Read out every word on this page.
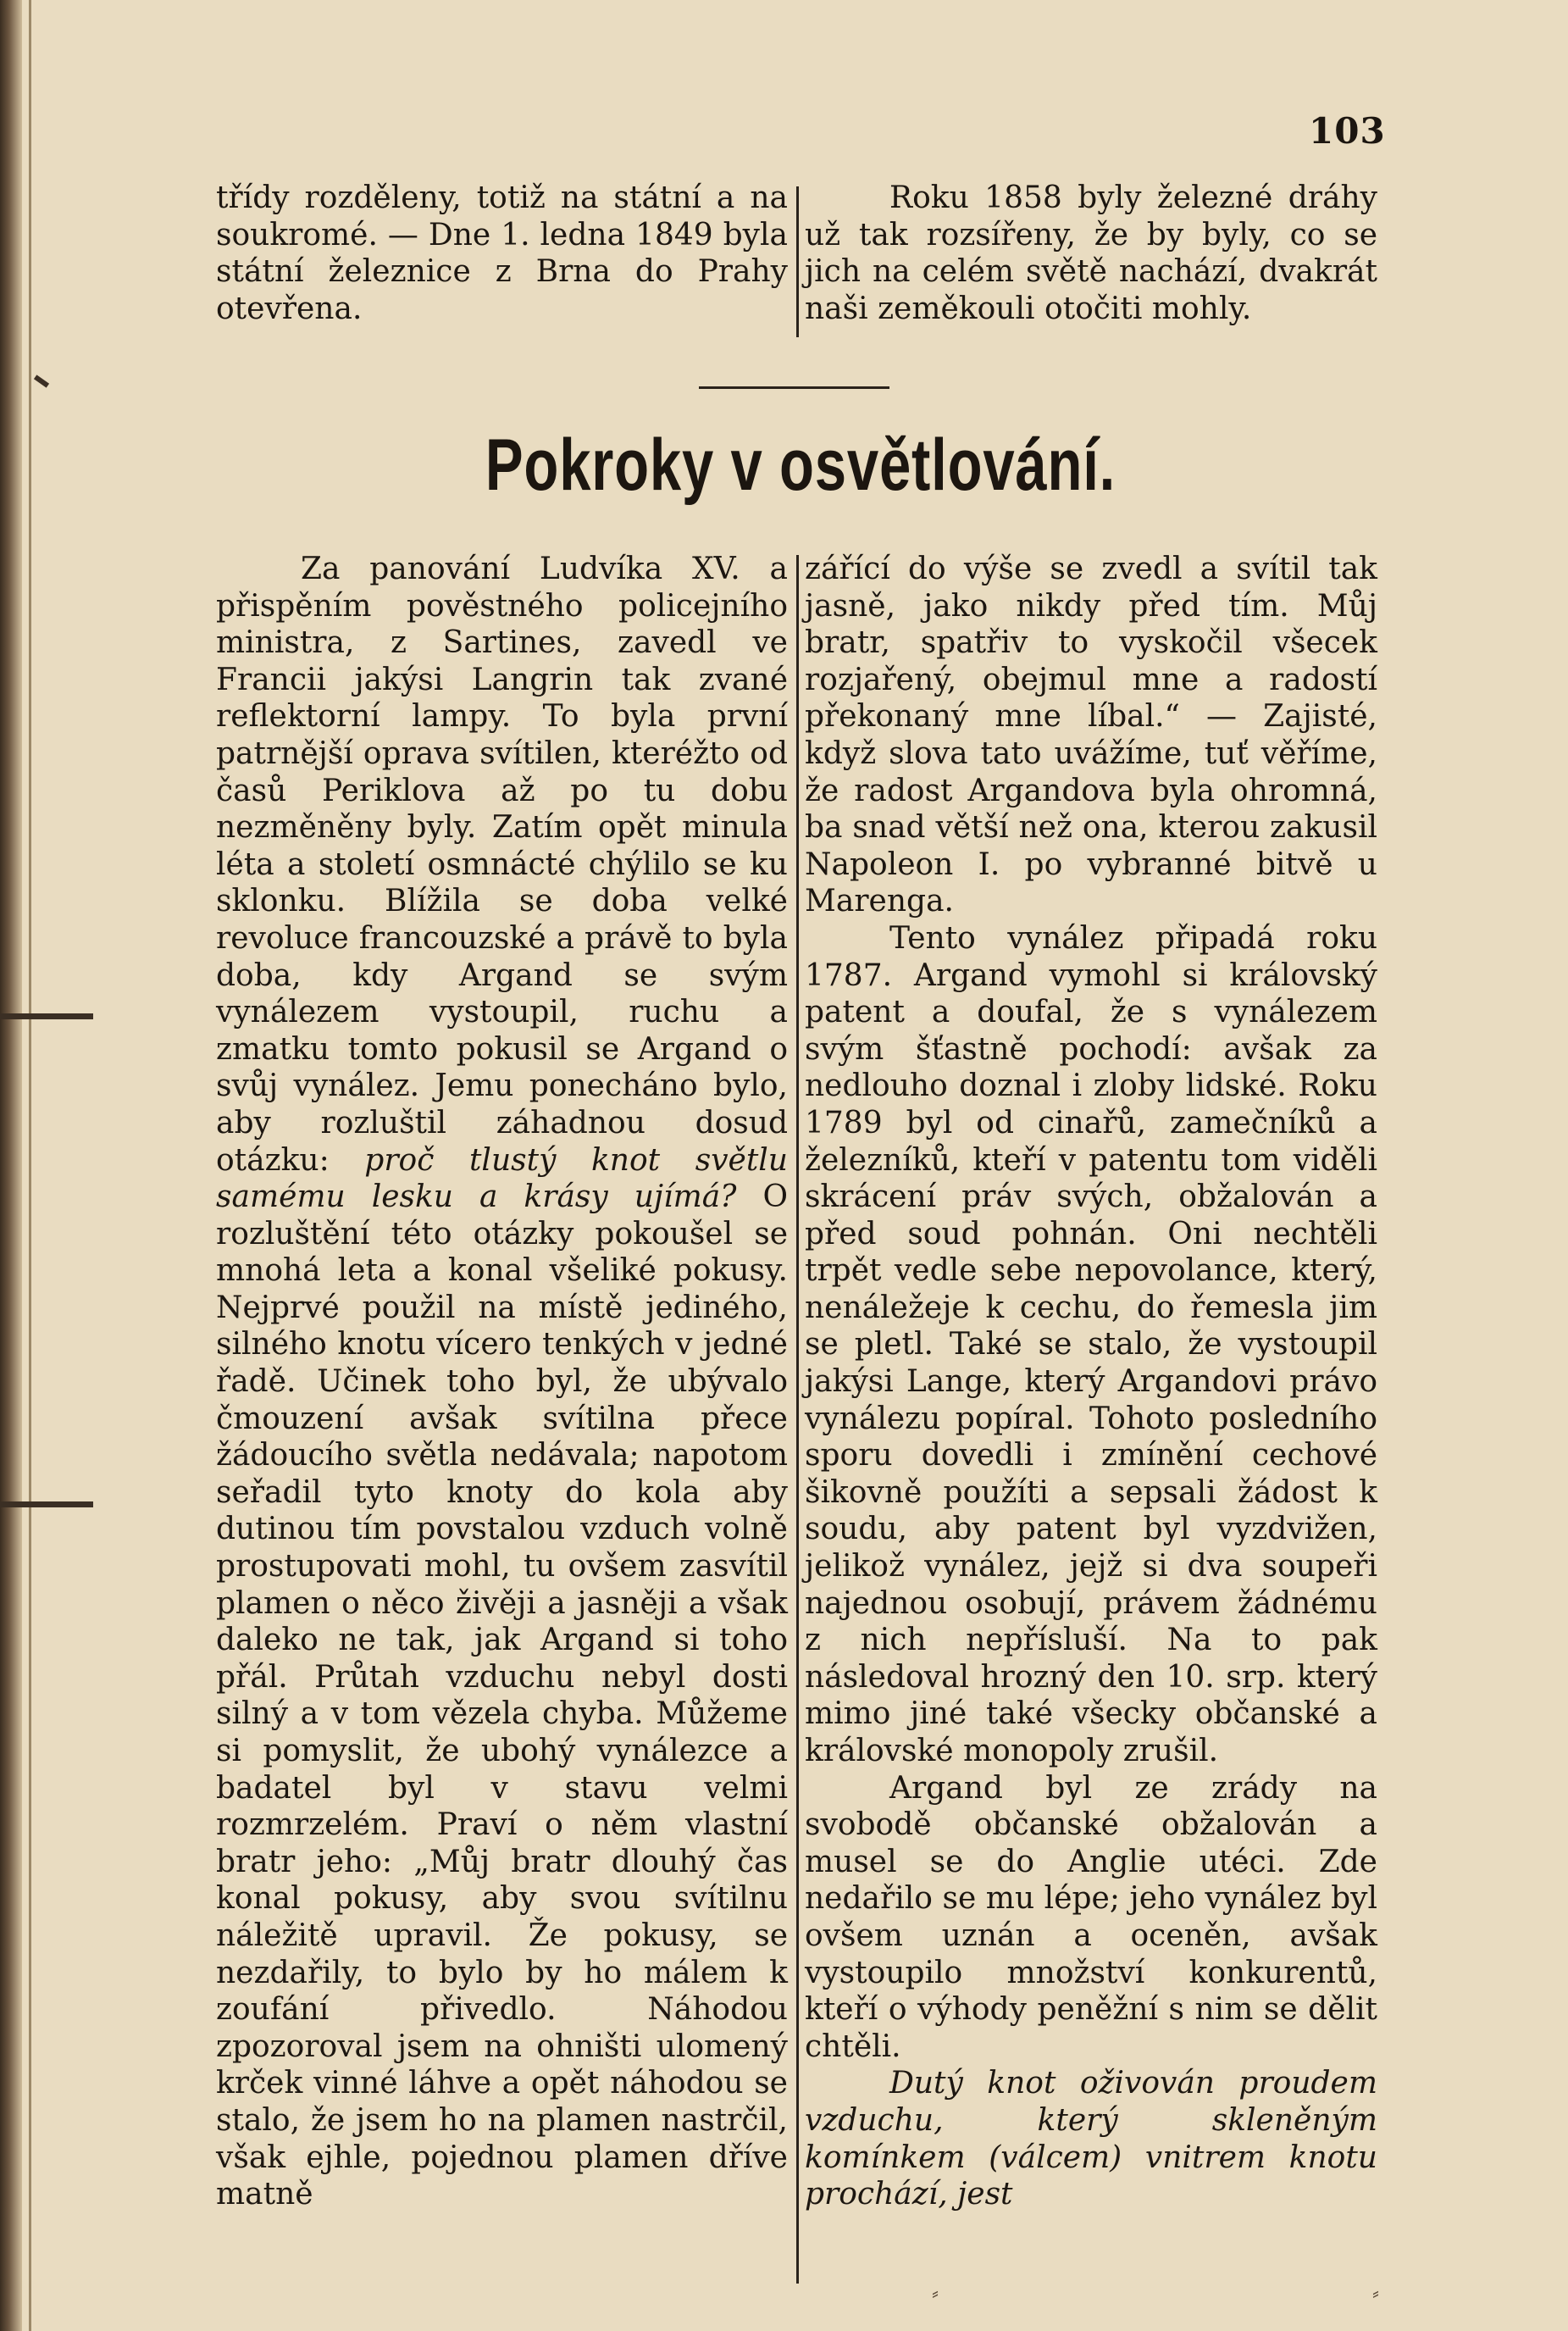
103

třídy rozděleny, totiž na státní a na soukromé. — Dne 1. ledna 1849 byla státní železnice z Brna do Prahy otevřena.

Roku 1858 byly železné dráhy už tak rozsířeny, že by byly, co se jich na celém světě nachází, dvakrát naši zeměkouli otočiti mohly.

Pokroky v osvětlování.

Za panování Ludvíka XV. a přispěním pověstného policejního ministra, z Sartines, zavedl ve Francii jakýsi Langrin tak zvané reflektorní lampy. To byla první patrnější oprava svítilen, kteréžto od časů Periklova až po tu dobu nezměněny byly. Zatím opět minula léta a století osmnácté chýlilo se ku sklonku. Blížila se doba velké revoluce francouzské a právě to byla doba, kdy Argand se svým vynálezem vystoupil, ruchu a zmatku tomto pokusil se Argand o svůj vynález. Jemu ponecháno bylo, aby rozluštil záhadnou dosud otázku: proč tlustý knot světlu samému lesku a krásy ujímá? O rozluštění této otázky pokoušel se mnohá leta a konal všeliké pokusy. Nejprvé použil na místě jediného, silného knotu vícero tenkých v jedné řadě. Učinek toho byl, že ubývalo čmouzení avšak svítilna přece žádoucího světla nedávala; napotom seřadil tyto knoty do kola aby dutinou tím povstalou vzduch volně prostupovati mohl, tu ovšem zasvítil plamen o něco živěji a jasněji a však daleko ne tak, jak Argand si toho přál. Průtah vzduchu nebyl dosti silný a v tom vězela chyba. Můžeme si pomyslit, že ubohý vynálezce a badatel byl v stavu velmi rozmrzelém. Praví o něm vlastní bratr jeho: „Můj bratr dlouhý čas konal pokusy, aby svou svítilnu náležitě upravil. Že pokusy, se nezdařily, to bylo by ho málem k zoufání přivedlo. Náhodou zpozoroval jsem na ohništi ulomený krček vinné láhve a opět náhodou se stalo, že jsem ho na plamen nastrčil, však ejhle, pojednou plamen dříve matně

zářící do výše se zvedl a svítil tak jasně, jako nikdy před tím. Můj bratr, spatřiv to vyskočil všecek rozjařený, obejmul mne a radostí překonaný mne líbal.“ — Zajisté, když slova tato uvážíme, tuť věříme, že radost Argandova byla ohromná, ba snad větší než ona, kterou zakusil Napoleon I. po vybranné bitvě u Marenga.

Tento vynález připadá roku 1787. Argand vymohl si královský patent a doufal, že s vynálezem svým šťastně pochodí: avšak za nedlouho doznal i zloby lidské. Roku 1789 byl od cinařů, zamečníků a železníků, kteří v patentu tom viděli skrácení práv svých, obžalován a před soud pohnán. Oni nechtěli trpět vedle sebe nepovolance, který, nenáležeje k cechu, do řemesla jim se pletl. Také se stalo, že vystoupil jakýsi Lange, který Argandovi právo vynálezu popíral. Tohoto posledního sporu dovedli i zmínění cechové šikovně použíti a sepsali žádost k soudu, aby patent byl vyzdvižen, jelikož vynález, jejž si dva soupeři najednou osobují, právem žádnému z nich nepřísluší. Na to pak následoval hrozný den 10. srp. který mimo jiné také všecky občanské a královské monopoly zrušil.

Argand byl ze zrády na svobodě občanské obžalován a musel se do Anglie utéci. Zde nedařilo se mu lépe; jeho vynález byl ovšem uznán a oceněn, avšak vystoupilo množství konkurentů, kteří o výhody peněžní s nim se dělit chtěli.

Dutý knot oživován proudem vzduchu, který skleněným komínkem (válcem) vnitrem knotu prochází, jest

⸗	⸗
